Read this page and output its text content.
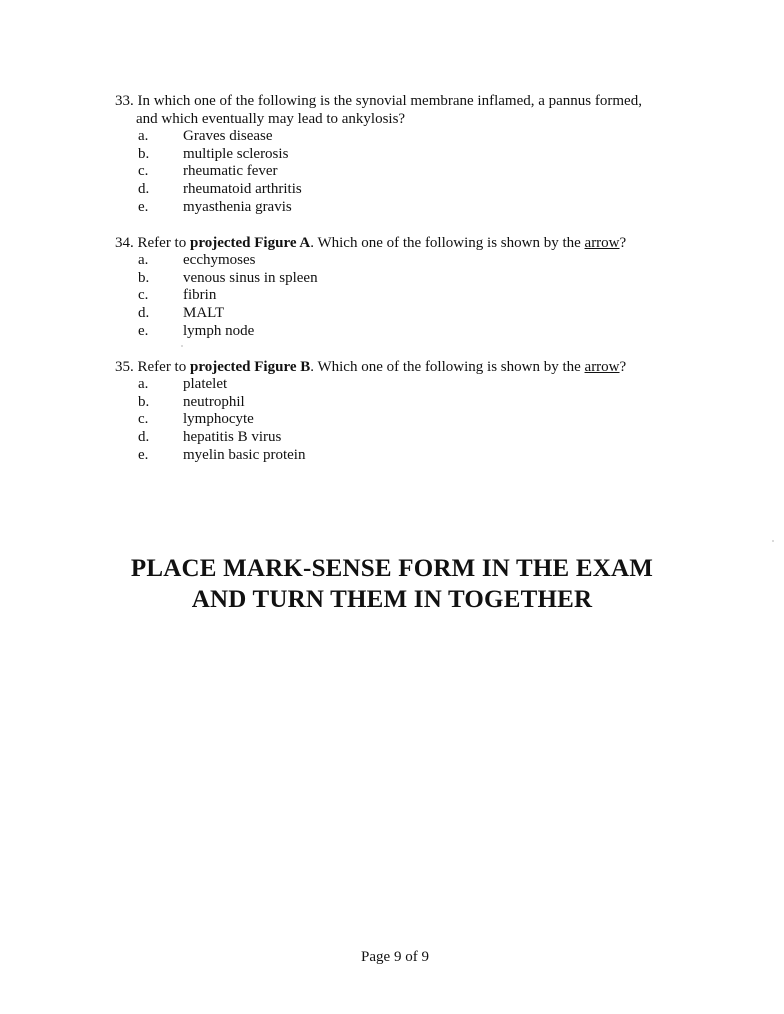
33. In which one of the following is the synovial membrane inflamed, a pannus formed,
and which eventually may lead to ankylosis?
a.	Graves disease
b.	multiple sclerosis
c.	rheumatic fever
d.	rheumatoid arthritis
e.	myasthenia gravis
34. Refer to projected Figure A. Which one of the following is shown by the arrow?
a.	ecchymoses
b.	venous sinus in spleen
c.	fibrin
d.	MALT
e.	lymph node
35. Refer to projected Figure B. Which one of the following is shown by the arrow?
a.	platelet
b.	neutrophil
c.	lymphocyte
d.	hepatitis B virus
e.	myelin basic protein
PLACE MARK-SENSE FORM IN THE EXAM
AND TURN THEM IN TOGETHER
Page 9 of 9
